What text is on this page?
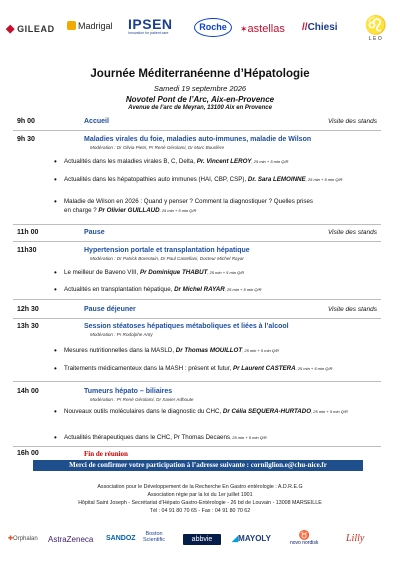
◆ GILEAD	Madrigal IPSEN
Innovation for patient care
Roche	✶astellas //Chiesi	♌
LEO
Journée Méditerranéenne d’Hépatologie
Samedi 19 septembre 2026
Novotel Pont de l’Arc, Aix-en-Provence
Avenue de l’arc de Meyran, 13100 Aix en Provence
9h 00	Accueil	Visite des stands
9h 30	Maladies virales du foie, maladies auto-immunes, maladie de Wilson
Modération : Dr Olivia Pietri, Pr René Gérolami, Dr Marc Bourlière
• Actualités dans les maladies virales B, C, Delta, Pr. Vincent LEROY, 25 min + 5 min Q/R
• Actualités dans les hépatopathies auto immunes (HAI, CBP, CSP), Dr. Sara LEMOINNE, 25 min + 5 min Q/R
• Maladie de Wilson en 2026 : Quand y penser ? Comment la diagnostiquer ? Quelles prises
en charge ? Pr Olivier GUILLAUD, 25 min + 5 min Q/R
11h 00	Pause	Visite des stands
11h30	Hypertension portale et transplantation hépatique
Modération : Dr Patrick Borentain, Dr Paul Castellani, Docteur Michel Rayar
• Le meilleur de Baveno VIII, Pr Dominique THABUT, 25 min + 5 min Q/R
• Actualités en transplantation hépatique, Dr Michel RAYAR, 25 min + 5 min Q/R
12h 30	Pause déjeuner	Visite des stands
13h 30	Session stéatoses hépatiques métaboliques et liées à l’alcool
Modération : Pr Rodolphe Anty
• Mesures nutritionnelles dans la MASLD, Dr Thomas MOUILLOT, 25 min + 5 min Q/R
• Traitements médicamenteux dans la MASH : présent et futur, Pr Laurent CASTERA, 25 min + 5 min Q/R
14h 00	Tumeurs hépato – biliaires
Modération : Pr René Gérolami, Dr Xavier Adhoute
• Nouveaux outils moléculaires dans le diagnostic du CHC, Dr Célia SEQUERA-HURTADO, 25 min + 5 min Q/R
• Actualités thérapeutiques dans le CHC, Pr Thomas Decaens, 25 min + 5 min Q/R
16h 00	Fin de réunion
Merci de confirmer votre participation à l’adresse suivante : cornilglion.e@chu-nice.fr
Association pour le Développement de la Recherche En Gastro entérologie : A.D.R.E.G
Association régie par la loi du 1er juillet 1901
Hôpital Saint Joseph - Secrétariat d’Hépato Gastro-Entérologie - 26 bd de Louvain - 13008 MARSEILLE
Tél : 04 91 80 70 65 - Fax : 04 91 80 70 62
✚Orphalan AstraZeneca SANDOZ
Boston
Scientific	abbvie	◢MAYOLY	♉
novo nordisk	Lilly
